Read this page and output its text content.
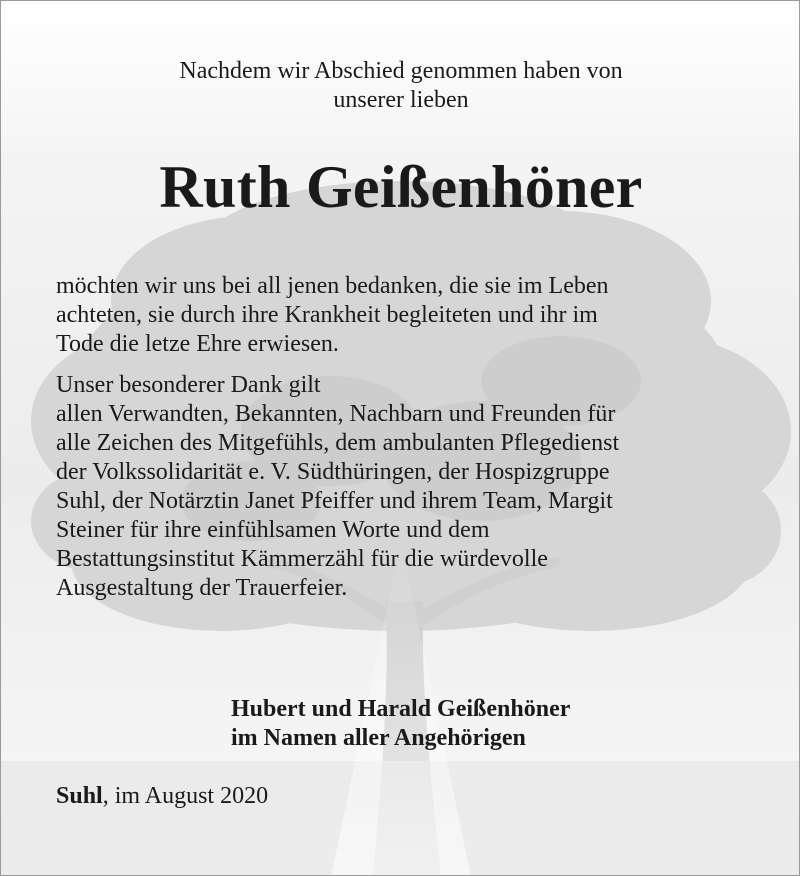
Nachdem wir Abschied genommen haben von
unserer lieben
Ruth Geißenhöner
möchten wir uns bei all jenen bedanken, die sie im Leben
achteten, sie durch ihre Krankheit begleiteten und ihr im
Tode die letze Ehre erwiesen.
Unser besonderer Dank gilt
allen Verwandten, Bekannten, Nachbarn und Freunden für
alle Zeichen des Mitgefühls, dem ambulanten Pflegedienst
der Volkssolidarität e. V. Südthüringen, der Hospizgruppe
Suhl, der Notärztin Janet Pfeiffer und ihrem Team, Margit
Steiner für ihre einfühlsamen Worte und dem
Bestattungsinstitut Kämmerzähl für die würdevolle
Ausgestaltung der Trauerfeier.
Hubert und Harald Geißenhöner
im Namen aller Angehörigen
Suhl, im August 2020
